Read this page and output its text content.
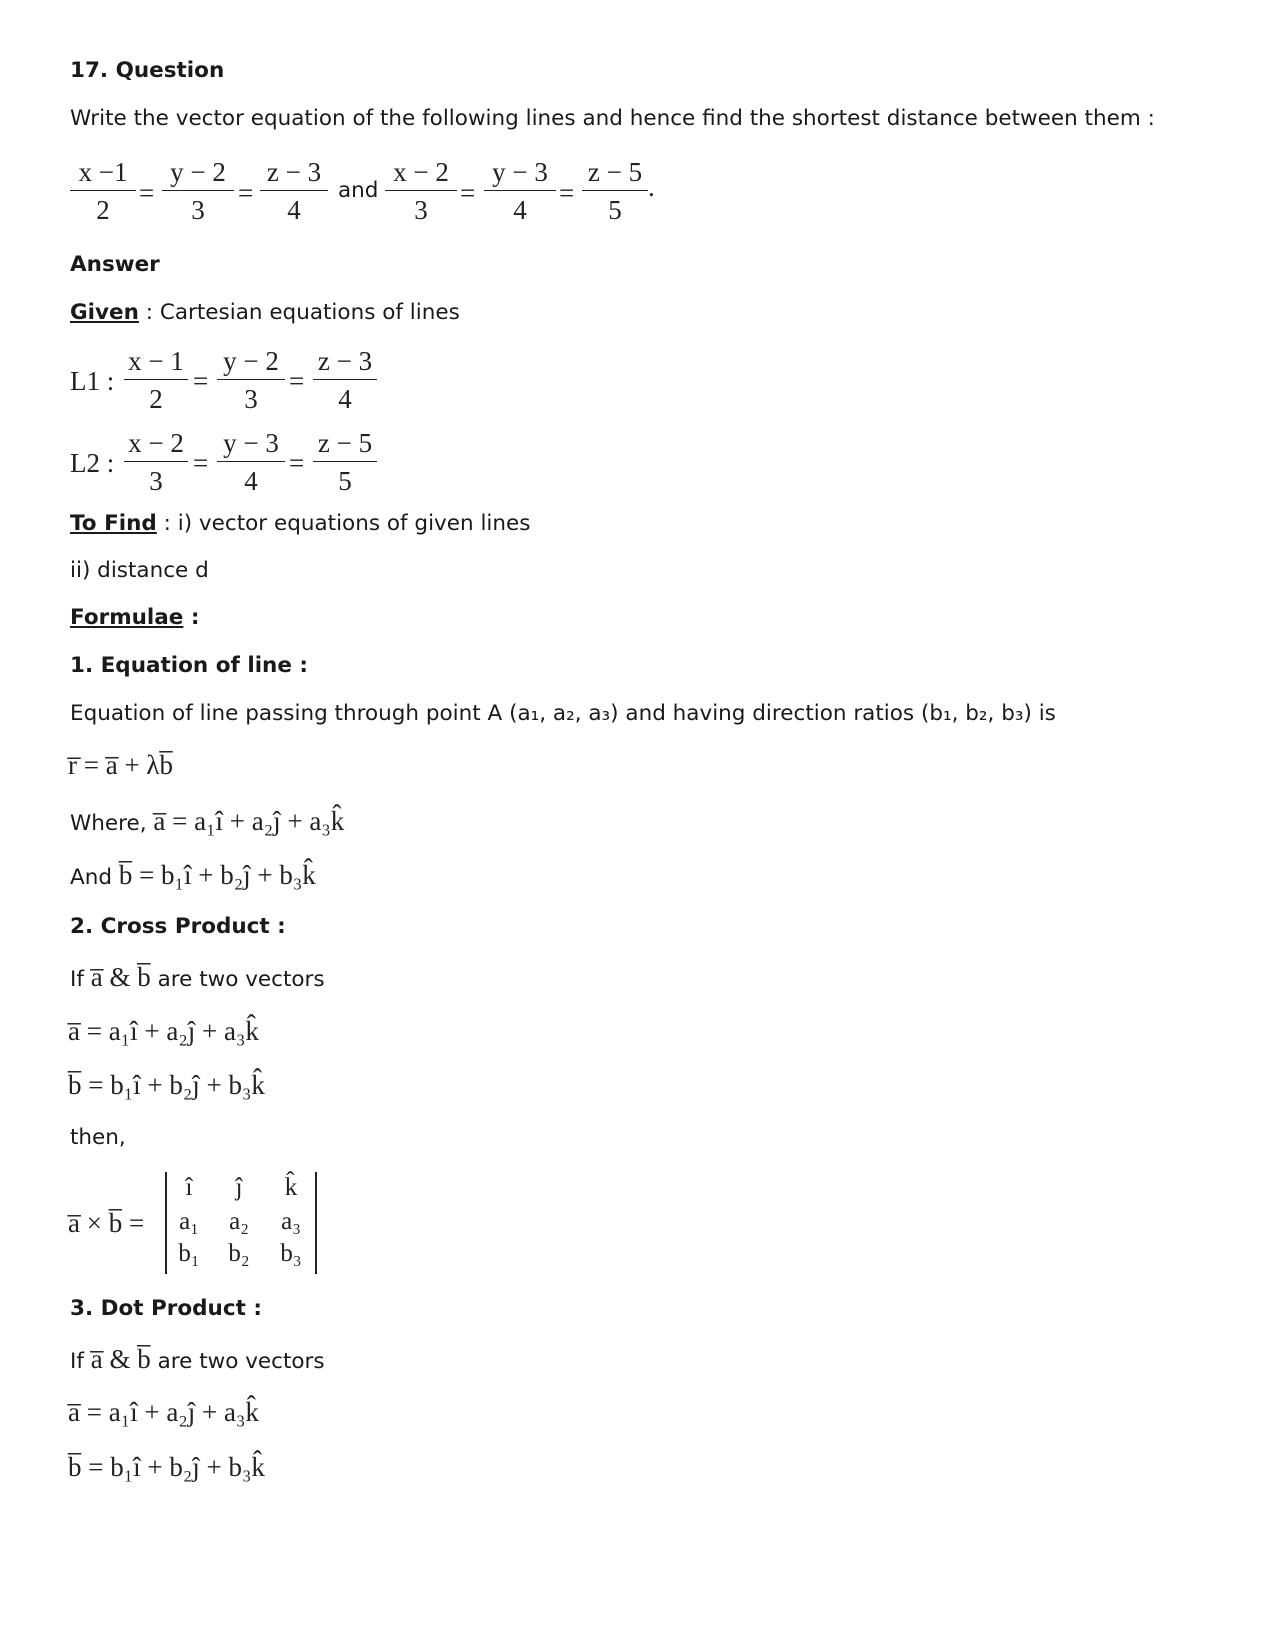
17. Question
Write the vector equation of the following lines and hence find the shortest distance between them :
x −1
2
=
y − 2
3
=
z − 3
4
and
x − 2
3
=
y − 3
4
=
z − 5
5
.
Answer
Given : Cartesian equations of lines
L1 :
x − 1
2
=
y − 2
3
=
z − 3
4
L2 :
x − 2
3
=
y − 3
4
=
z − 5
5
To Find : i) vector equations of given lines
ii) distance d
Formulae :
1. Equation of line :
Equation of line passing through point A (a₁, a₂, a₃) and having direction ratios (b₁, b₂, b₃) is
r̅ = a̅ + λb̅
Where, a̅ = a₁î + a₂ĵ + a₃k̂
And b̅ = b₁î + b₂ĵ + b₃k̂
2. Cross Product :
If a̅ & b̅ are two vectors
a̅ = a₁î + a₂ĵ + a₃k̂
b̅ = b₁î + b₂ĵ + b₃k̂
then,
a̅ × b̅ =
î	ĵ	k̂
a₁	a₂	a₃
b₁	b₂	b₃
3. Dot Product :
If a̅ & b̅ are two vectors
a̅ = a₁î + a₂ĵ + a₃k̂
b̅ = b₁î + b₂ĵ + b₃k̂
